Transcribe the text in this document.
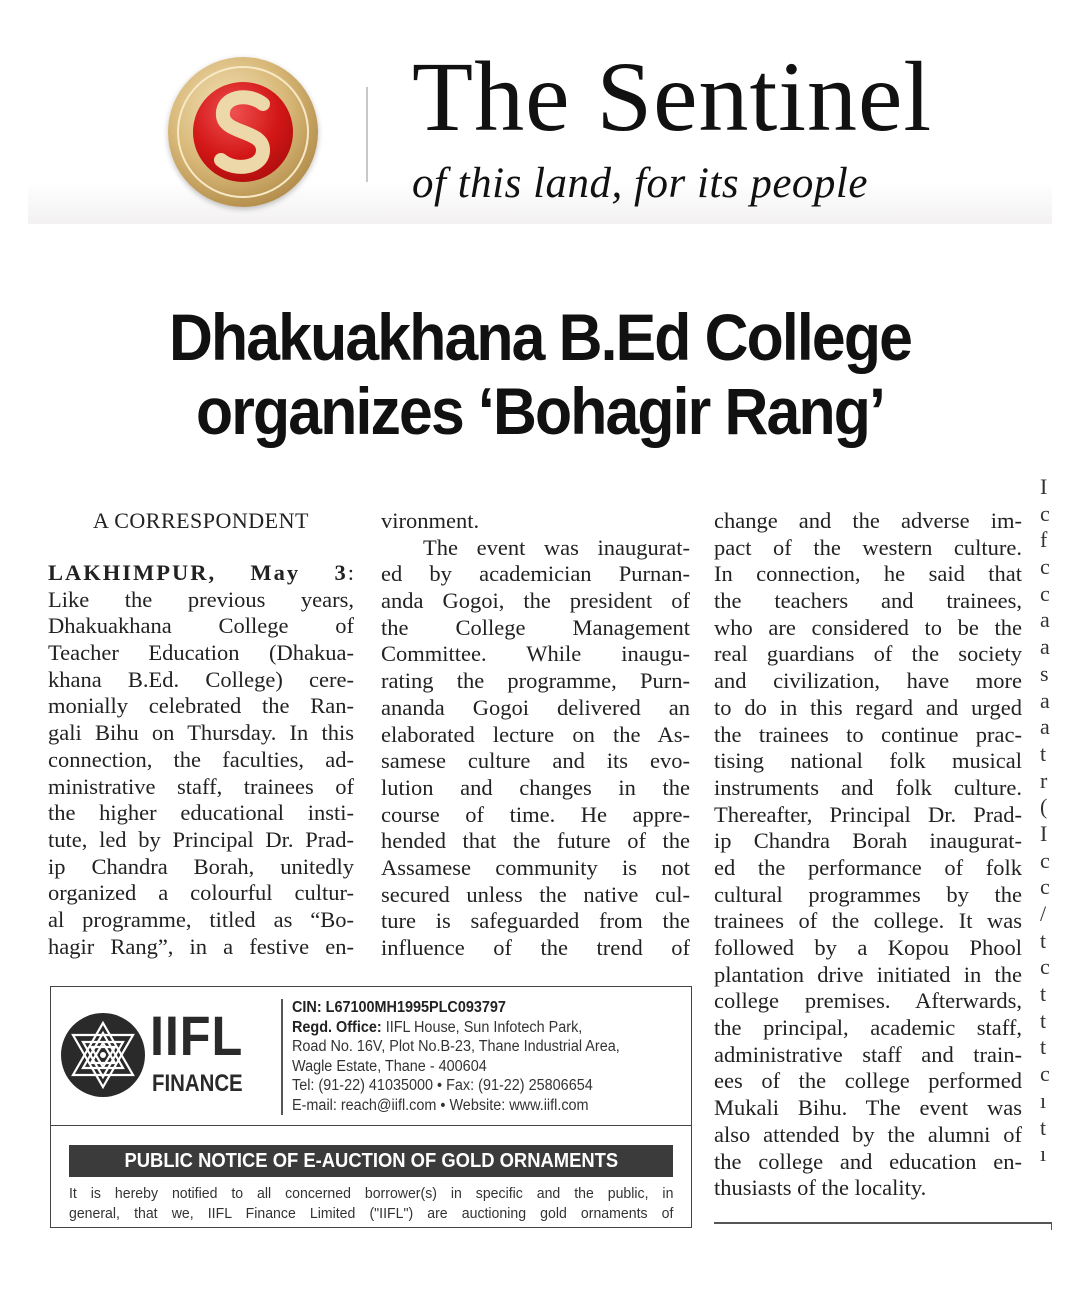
The Sentinel
of this land, for its people
Dhakuakhana B.Ed College
organizes ‘Bohagir Rang’
A CORRESPONDENT
LAKHIMPUR, May 3:
Like the previous years,
Dhakuakhana College of
Teacher Education (Dhakua-
khana B.Ed. College) cere-
monially celebrated the Ran-
gali Bihu on Thursday. In this
connection, the faculties, ad-
ministrative staff, trainees of
the higher educational insti-
tute, led by Principal Dr. Prad-
ip Chandra Borah, unitedly
organized a colourful cultur-
al programme, titled as “Bo-
hagir Rang”, in a festive en-
vironment.
The event was inaugurat-
ed by academician Purnan-
anda Gogoi, the president of
the College Management
Committee. While inaugu-
rating the programme, Purn-
ananda Gogoi delivered an
elaborated lecture on the As-
samese culture and its evo-
lution and changes in the
course of time. He appre-
hended that the future of the
Assamese community is not
secured unless the native cul-
ture is safeguarded from the
influence of the trend of
change and the adverse im-
pact of the western culture.
In connection, he said that
the teachers and trainees,
who are considered to be the
real guardians of the society
and civilization, have more
to do in this regard and urged
the trainees to continue prac-
tising national folk musical
instruments and folk culture.
Thereafter, Principal Dr. Prad-
ip Chandra Borah inaugurat-
ed the performance of folk
cultural programmes by the
trainees of the college. It was
followed by a Kopou Phool
plantation drive initiated in the
college premises. Afterwards,
the principal, academic staff,
administrative staff and train-
ees of the college performed
Mukali Bihu. The event was
also attended by the alumni of
the college and education en-
thusiasts of the locality.
I
c
f
c
c
a
a
s
a
a
t
r
(
I
c
c
/
t
c
t
t
t
c
ı
t
ı
IIFL
FINANCE
CIN: L67100MH1995PLC093797
Regd. Office: IIFL House, Sun Infotech Park,
Road No. 16V, Plot No.B-23, Thane Industrial Area,
Wagle Estate, Thane - 400604
Tel: (91-22) 41035000 • Fax: (91-22) 25806654
E-mail: reach@iifl.com • Website: www.iifl.com
PUBLIC NOTICE OF E-AUCTION OF GOLD ORNAMENTS
It is hereby notified to all concerned borrower(s) in specific and the public, in
general, that we, IIFL Finance Limited ("IIFL") are auctioning gold ornaments of
